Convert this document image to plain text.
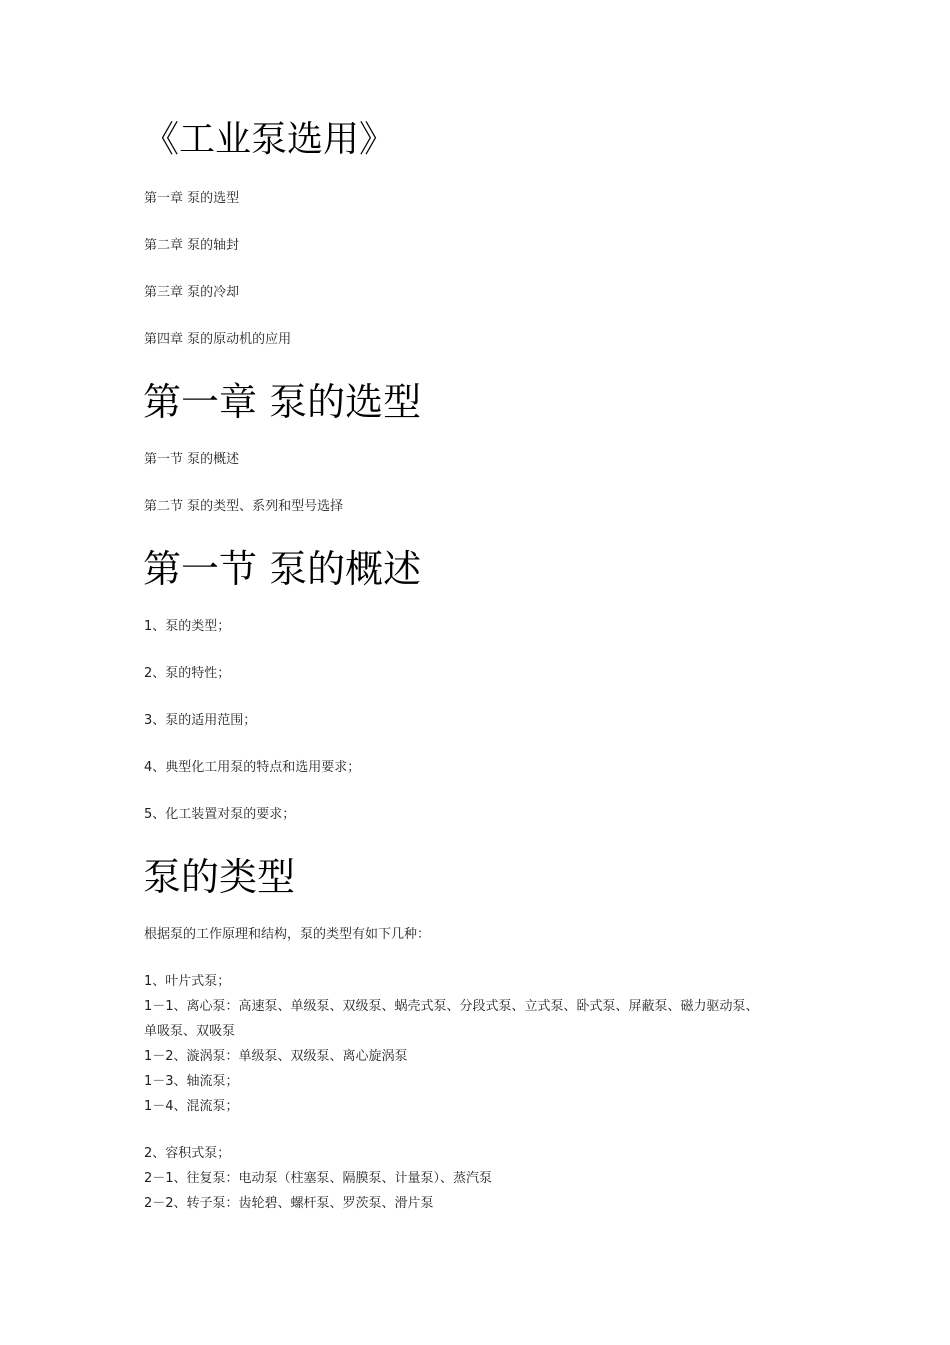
《工业泵选用》

第一章 泵的选型

第二章 泵的轴封

第三章 泵的冷却

第四章 泵的原动机的应用

第一章 泵的选型

第一节 泵的概述

第二节 泵的类型、系列和型号选择

第一节 泵的概述

1、泵的类型；

2、泵的特性；

3、泵的适用范围；

4、典型化工用泵的特点和选用要求；

5、化工装置对泵的要求；

泵的类型

根据泵的工作原理和结构，泵的类型有如下几种：

1、叶片式泵；

1－1、离心泵：高速泵、单级泵、双级泵、蜗壳式泵、分段式泵、立式泵、卧式泵、屏蔽泵、磁力驱动泵、

单吸泵、双吸泵

1－2、漩涡泵：单级泵、双级泵、离心旋涡泵

1－3、轴流泵；

1－4、混流泵；

2、容积式泵；

2－1、往复泵：电动泵（柱塞泵、隔膜泵、计量泵）、蒸汽泵

2－2、转子泵：齿轮碧、螺杆泵、罗茨泵、滑片泵
